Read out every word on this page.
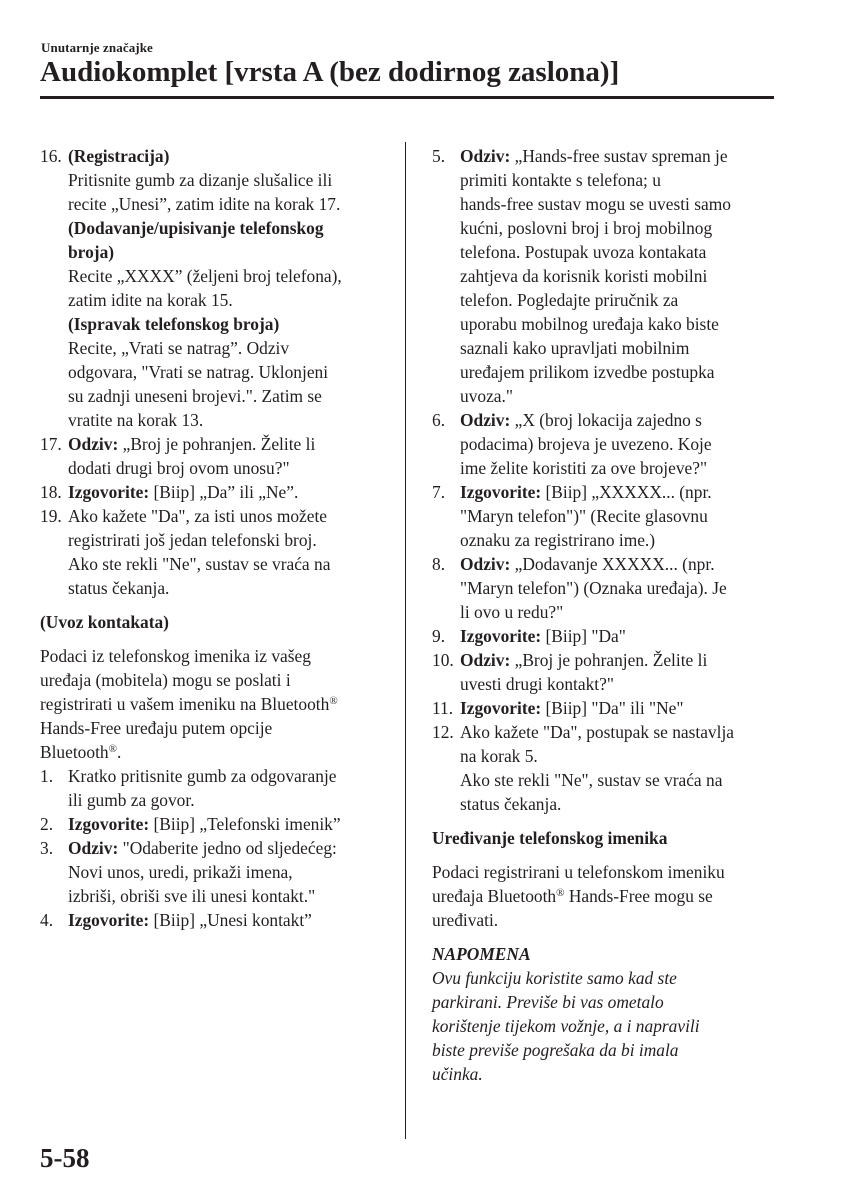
Unutarnje značajke
Audiokomplet [vrsta A (bez dodirnog zaslona)]
16. (Registracija)
Pritisnite gumb za dizanje slušalice ili
recite „Unesi”, zatim idite na korak 17.
(Dodavanje/upisivanje telefonskog
broja)
Recite „XXXX” (željeni broj telefona),
zatim idite na korak 15.
(Ispravak telefonskog broja)
Recite, „Vrati se natrag”. Odziv
odgovara, "Vrati se natrag. Uklonjeni
su zadnji uneseni brojevi.". Zatim se
vratite na korak 13.
17. Odziv: „Broj je pohranjen. Želite li
dodati drugi broj ovom unosu?"
18. Izgovorite: [Biip] „Da” ili „Ne”.
19. Ako kažete "Da", za isti unos možete
registrirati još jedan telefonski broj.
Ako ste rekli "Ne", sustav se vraća na
status čekanja.
(Uvoz kontakata)
Podaci iz telefonskog imenika iz vašeg
uređaja (mobitela) mogu se poslati i
registrirati u vašem imeniku na Bluetooth®
Hands-Free uređaju putem opcije
Bluetooth®.
1. Kratko pritisnite gumb za odgovaranje
ili gumb za govor.
2. Izgovorite: [Biip] „Telefonski imenik”
3. Odziv: "Odaberite jedno od sljedećeg:
Novi unos, uredi, prikaži imena,
izbriši, obriši sve ili unesi kontakt."
4. Izgovorite: [Biip] „Unesi kontakt”
5. Odziv: „Hands-free sustav spreman je
primiti kontakte s telefona; u
hands-free sustav mogu se uvesti samo
kućni, poslovni broj i broj mobilnog
telefona. Postupak uvoza kontakata
zahtjeva da korisnik koristi mobilni
telefon. Pogledajte priručnik za
uporabu mobilnog uređaja kako biste
saznali kako upravljati mobilnim
uređajem prilikom izvedbe postupka
uvoza."
6. Odziv: „X (broj lokacija zajedno s
podacima) brojeva je uvezeno. Koje
ime želite koristiti za ove brojeve?"
7. Izgovorite: [Biip] „XXXXX... (npr.
"Maryn telefon")" (Recite glasovnu
oznaku za registrirano ime.)
8. Odziv: „Dodavanje XXXXX... (npr.
"Maryn telefon") (Oznaka uređaja). Je
li ovo u redu?"
9. Izgovorite: [Biip] "Da"
10. Odziv: „Broj je pohranjen. Želite li
uvesti drugi kontakt?"
11. Izgovorite: [Biip] "Da" ili "Ne"
12. Ako kažete "Da", postupak se nastavlja
na korak 5.
Ako ste rekli "Ne", sustav se vraća na
status čekanja.
Uređivanje telefonskog imenika
Podaci registrirani u telefonskom imeniku
uređaja Bluetooth® Hands-Free mogu se
uređivati.
NAPOMENA
Ovu funkciju koristite samo kad ste
parkirani. Previše bi vas ometalo
korištenje tijekom vožnje, a i napravili
biste previše pogrešaka da bi imala
učinka.
5-58
